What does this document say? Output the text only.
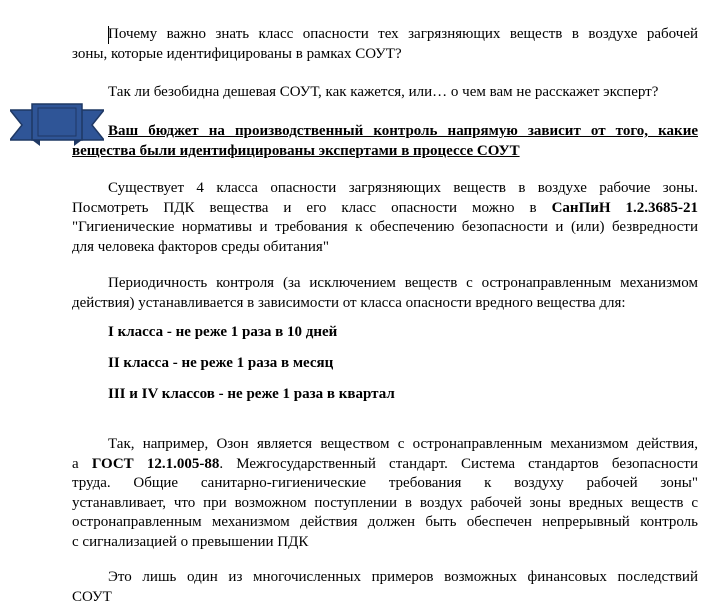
Почему важно знать класс опасности тех загрязняющих веществ в воздухе рабочей
зоны, которые идентифицированы в рамках СОУТ?

Так ли безобидна дешевая СОУТ, как кажется, или… о чем вам не расскажет эксперт?

Ваш бюджет на производственный контроль напрямую зависит от того, какие
вещества были идентифицированы экспертами в процессе СОУТ

Существует 4 класса опасности загрязняющих веществ в воздухе рабочие зоны.
Посмотреть ПДК вещества и его класс опасности можно в СанПиН 1.2.3685-21
"Гигиенические нормативы и требования к обеспечению безопасности и (или) безвредности
для человека факторов среды обитания"

Периодичность контроля (за исключением веществ с остронаправленным механизмом
действия) устанавливается в зависимости от класса опасности вредного вещества для:

I класса - не реже 1 раза в 10 дней
II класса - не реже 1 раза в месяц
III и IV классов - не реже 1 раза в квартал

Так, например, Озон является веществом с остронаправленным механизмом действия,
а ГОСТ 12.1.005-88. Межгосударственный стандарт. Система стандартов безопасности
труда. Общие санитарно-гигиенические требования к воздуху рабочей зоны"
устанавливает, что при возможном поступлении в воздух рабочей зоны вредных веществ с
остронаправленным механизмом действия должен быть обеспечен непрерывный контроль
с сигнализацией о превышении ПДК

Это лишь один из многочисленных примеров возможных финансовых последствий
СОУТ
